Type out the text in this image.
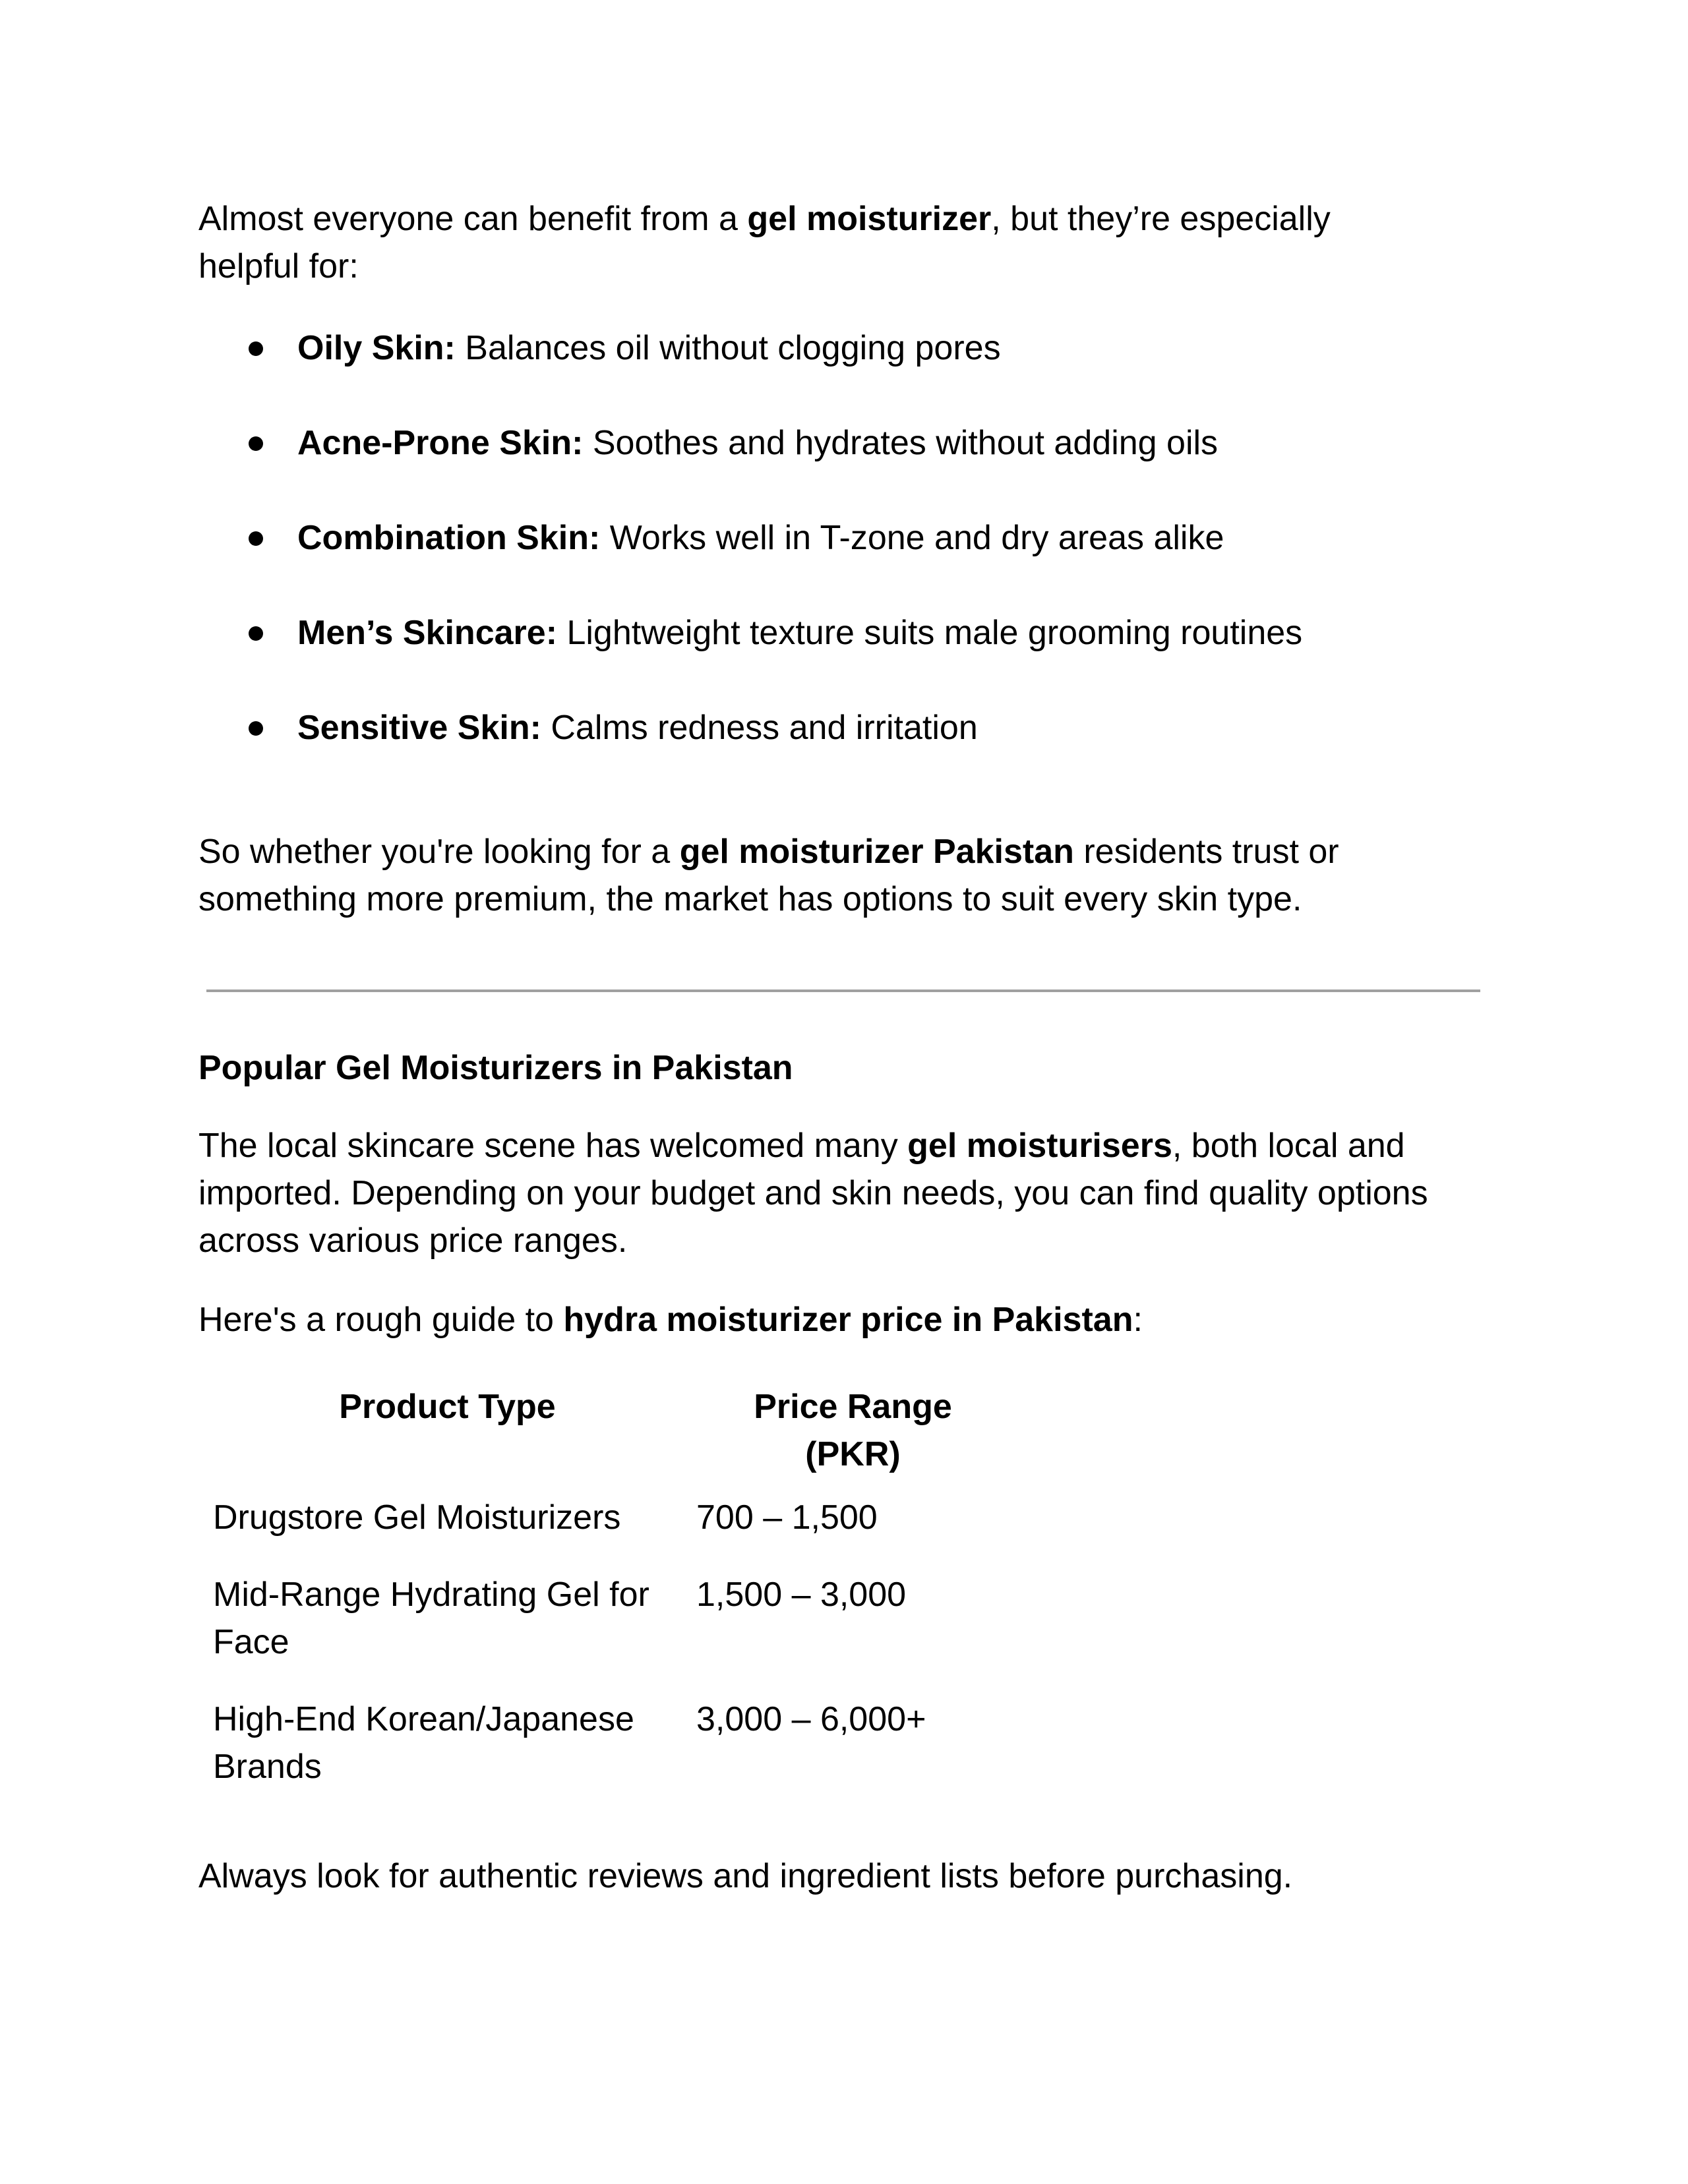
Almost everyone can benefit from a gel moisturizer, but they’re especially
helpful for:

Oily Skin: Balances oil without clogging pores
Acne-Prone Skin: Soothes and hydrates without adding oils
Combination Skin: Works well in T-zone and dry areas alike
Men’s Skincare: Lightweight texture suits male grooming routines
Sensitive Skin: Calms redness and irritation

So whether you're looking for a gel moisturizer Pakistan residents trust or
something more premium, the market has options to suit every skin type.

Popular Gel Moisturizers in Pakistan

The local skincare scene has welcomed many gel moisturisers, both local and
imported. Depending on your budget and skin needs, you can find quality options
across various price ranges.

Here's a rough guide to hydra moisturizer price in Pakistan:

Product Type	Price Range
(PKR)
Drugstore Gel Moisturizers	700 – 1,500
Mid-Range Hydrating Gel for
Face	1,500 – 3,000
High-End Korean/Japanese
Brands	3,000 – 6,000+

Always look for authentic reviews and ingredient lists before purchasing.
